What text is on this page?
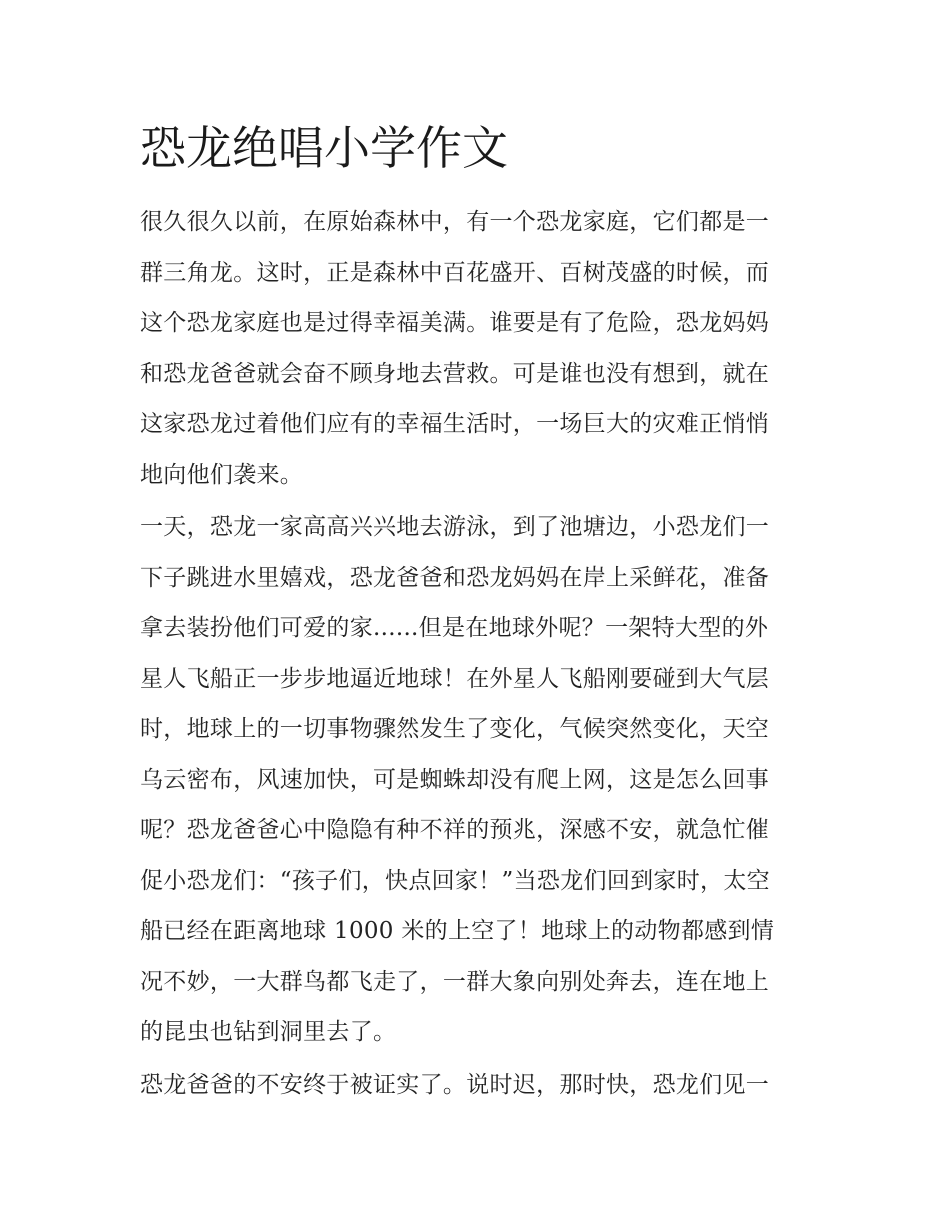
恐龙绝唱小学作文

很久很久以前，在原始森林中，有一个恐龙家庭，它们都是一
群三角龙。这时，正是森林中百花盛开、百树茂盛的时候，而
这个恐龙家庭也是过得幸福美满。谁要是有了危险，恐龙妈妈
和恐龙爸爸就会奋不顾身地去营救。可是谁也没有想到，就在
这家恐龙过着他们应有的幸福生活时，一场巨大的灾难正悄悄
地向他们袭来。

一天，恐龙一家高高兴兴地去游泳，到了池塘边，小恐龙们一
下子跳进水里嬉戏，恐龙爸爸和恐龙妈妈在岸上采鲜花，准备
拿去装扮他们可爱的家......但是在地球外呢？一架特大型的外
星人飞船正一步步地逼近地球！在外星人飞船刚要碰到大气层
时，地球上的一切事物骤然发生了变化，气候突然变化，天空
乌云密布，风速加快，可是蜘蛛却没有爬上网，这是怎么回事
呢？恐龙爸爸心中隐隐有种不祥的预兆，深感不安，就急忙催
促小恐龙们：“孩子们，快点回家！”当恐龙们回到家时，太空
船已经在距离地球 1000 米的上空了！地球上的动物都感到情
况不妙，一大群鸟都飞走了，一群大象向别处奔去，连在地上
的昆虫也钻到洞里去了。

恐龙爸爸的不安终于被证实了。说时迟，那时快，恐龙们见一
